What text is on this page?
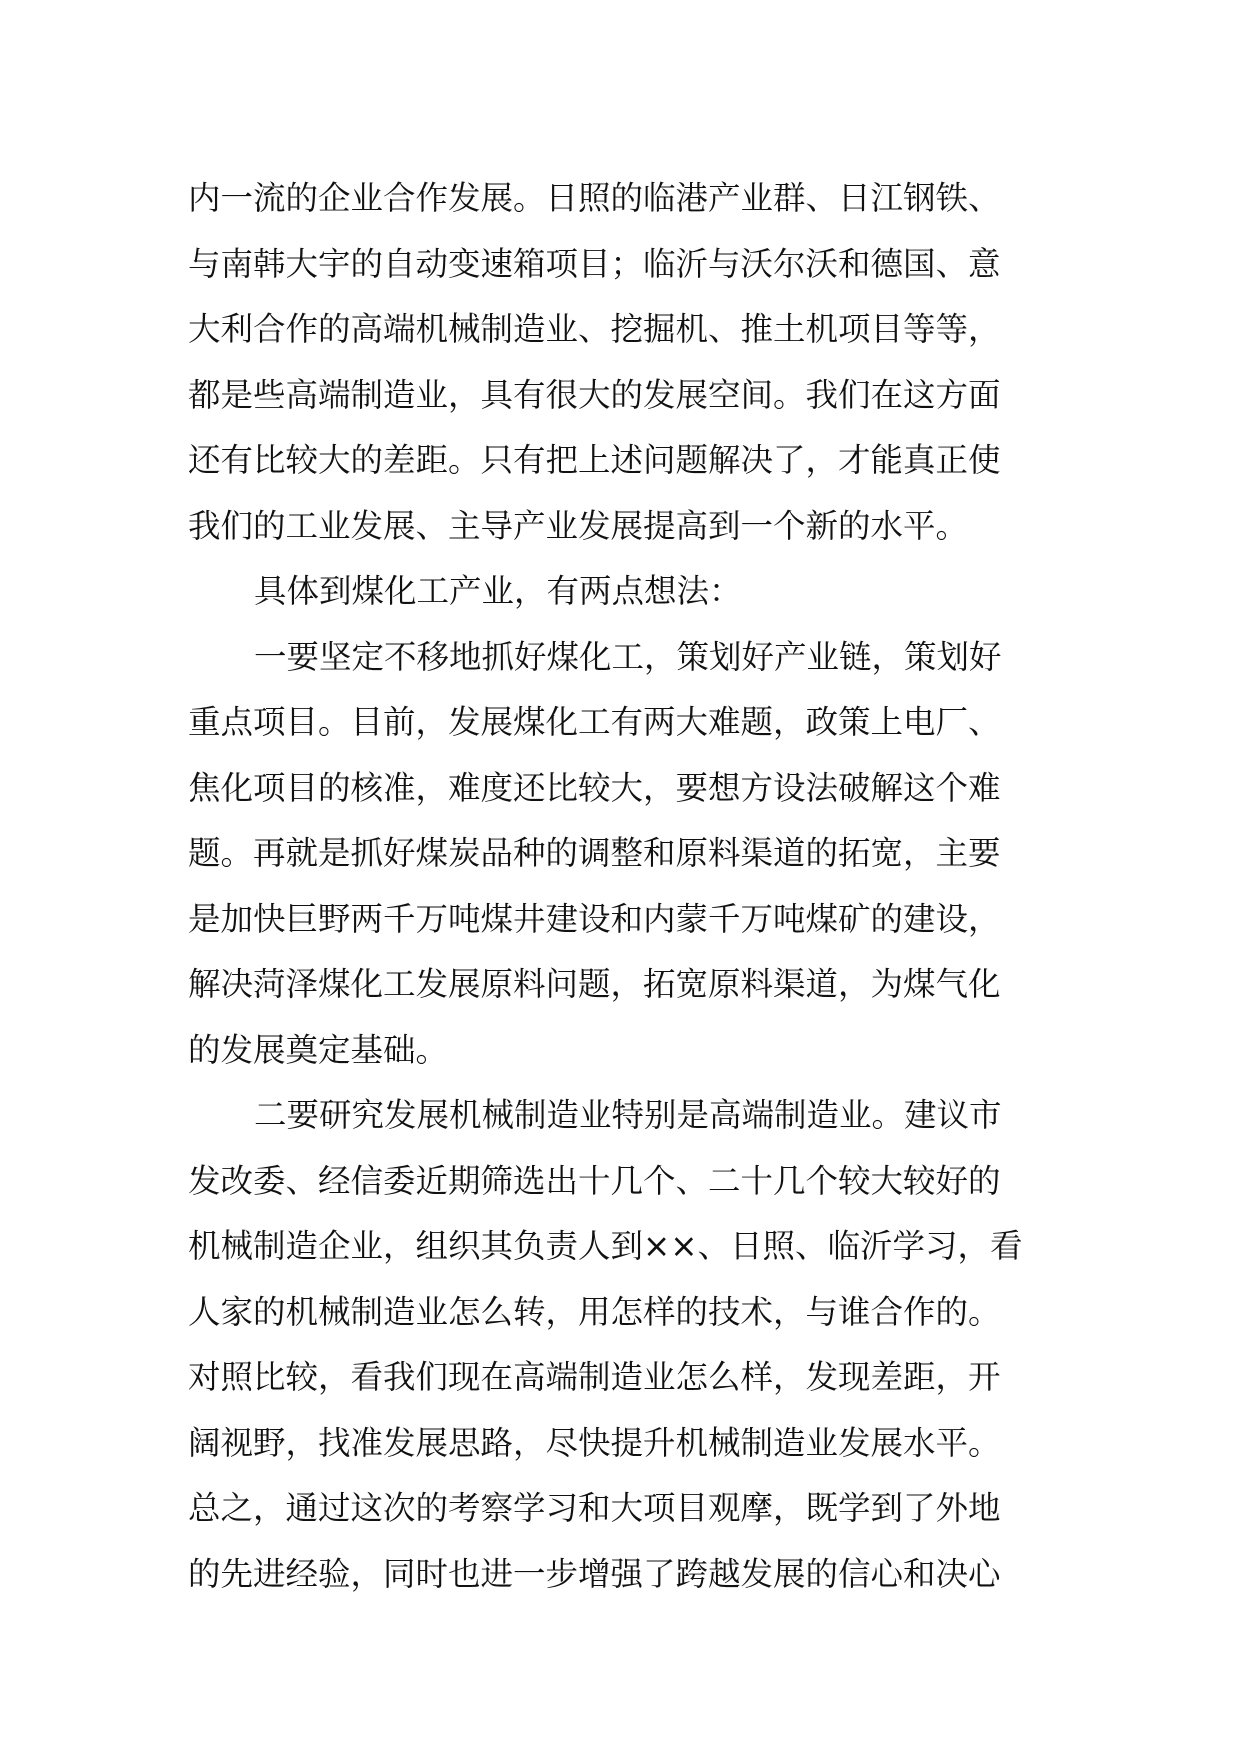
内一流的企业合作发展。日照的临港产业群、日江钢铁、
与南韩大宇的自动变速箱项目；临沂与沃尔沃和德国、意
大利合作的高端机械制造业、挖掘机、推土机项目等等，
都是些高端制造业，具有很大的发展空间。我们在这方面
还有比较大的差距。只有把上述问题解决了，才能真正使
我们的工业发展、主导产业发展提高到一个新的水平。
具体到煤化工产业，有两点想法：
一要坚定不移地抓好煤化工，策划好产业链，策划好
重点项目。目前，发展煤化工有两大难题，政策上电厂、
焦化项目的核准，难度还比较大，要想方设法破解这个难
题。再就是抓好煤炭品种的调整和原料渠道的拓宽，主要
是加快巨野两千万吨煤井建设和内蒙千万吨煤矿的建设，
解决菏泽煤化工发展原料问题，拓宽原料渠道，为煤气化
的发展奠定基础。
二要研究发展机械制造业特别是高端制造业。建议市
发改委、经信委近期筛选出十几个、二十几个较大较好的
机械制造企业，组织其负责人到××、日照、临沂学习，看
人家的机械制造业怎么转，用怎样的技术，与谁合作的。
对照比较，看我们现在高端制造业怎么样，发现差距，开
阔视野，找准发展思路，尽快提升机械制造业发展水平。
总之，通过这次的考察学习和大项目观摩，既学到了外地
的先进经验，同时也进一步增强了跨越发展的信心和决心
